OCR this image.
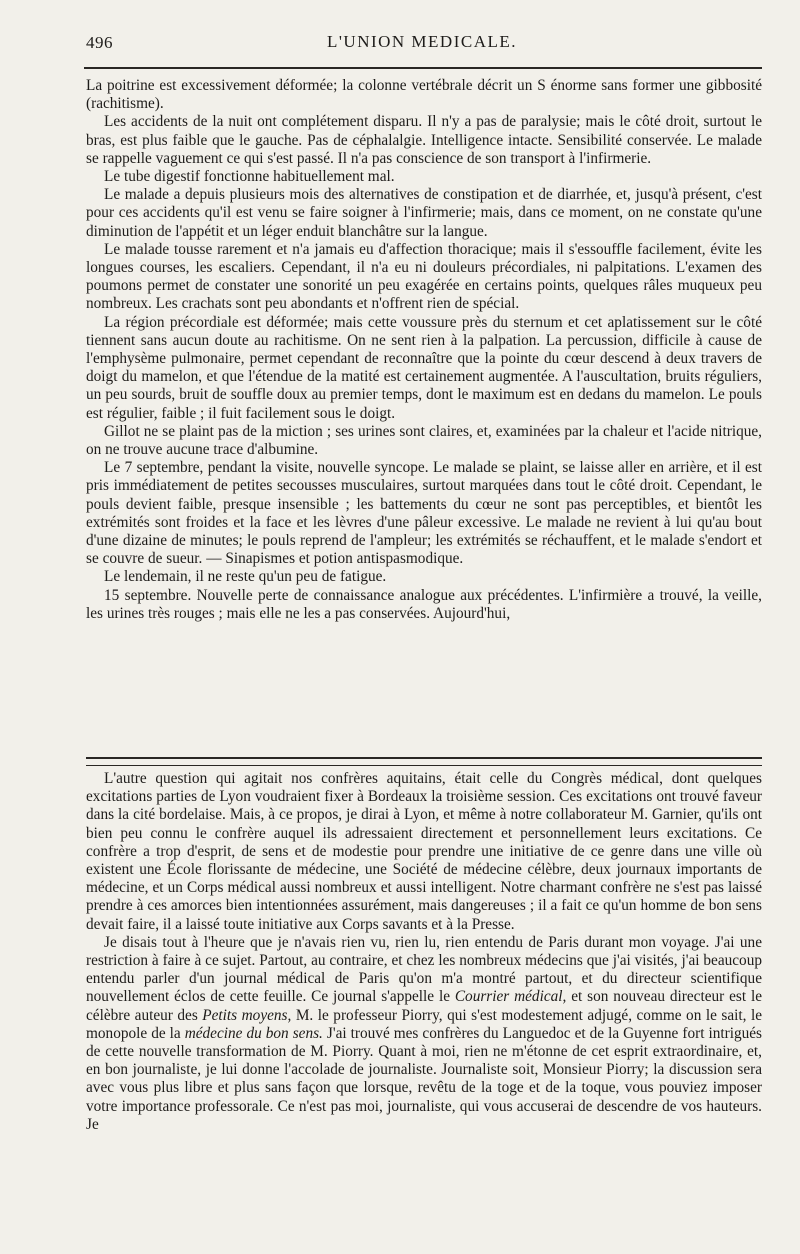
496	L'UNION MEDICALE.

La poitrine est excessivement déformée; la colonne vertébrale décrit un S énorme sans former une gibbosité (rachitisme).

Les accidents de la nuit ont complétement disparu. Il n'y a pas de paralysie; mais le côté droit, surtout le bras, est plus faible que le gauche. Pas de céphalalgie. Intelligence intacte. Sensibilité conservée. Le malade se rappelle vaguement ce qui s'est passé. Il n'a pas conscience de son transport à l'infirmerie.

Le tube digestif fonctionne habituellement mal.

Le malade a depuis plusieurs mois des alternatives de constipation et de diarrhée, et, jusqu'à présent, c'est pour ces accidents qu'il est venu se faire soigner à l'infirmerie; mais, dans ce moment, on ne constate qu'une diminution de l'appétit et un léger enduit blanchâtre sur la langue.

Le malade tousse rarement et n'a jamais eu d'affection thoracique; mais il s'essouffle facilement, évite les longues courses, les escaliers. Cependant, il n'a eu ni douleurs précordiales, ni palpitations. L'examen des poumons permet de constater une sonorité un peu exagérée en certains points, quelques râles muqueux peu nombreux. Les crachats sont peu abondants et n'offrent rien de spécial.

La région précordiale est déformée; mais cette voussure près du sternum et cet aplatissement sur le côté tiennent sans aucun doute au rachitisme. On ne sent rien à la palpation. La percussion, difficile à cause de l'emphysème pulmonaire, permet cependant de reconnaître que la pointe du cœur descend à deux travers de doigt du mamelon, et que l'étendue de la matité est certainement augmentée. A l'auscultation, bruits réguliers, un peu sourds, bruit de souffle doux au premier temps, dont le maximum est en dedans du mamelon. Le pouls est régulier, faible ; il fuit facilement sous le doigt.

Gillot ne se plaint pas de la miction ; ses urines sont claires, et, examinées par la chaleur et l'acide nitrique, on ne trouve aucune trace d'albumine.

Le 7 septembre, pendant la visite, nouvelle syncope. Le malade se plaint, se laisse aller en arrière, et il est pris immédiatement de petites secousses musculaires, surtout marquées dans tout le côté droit. Cependant, le pouls devient faible, presque insensible ; les battements du cœur ne sont pas perceptibles, et bientôt les extrémités sont froides et la face et les lèvres d'une pâleur excessive. Le malade ne revient à lui qu'au bout d'une dizaine de minutes; le pouls reprend de l'ampleur; les extrémités se réchauffent, et le malade s'endort et se couvre de sueur. — Sinapismes et potion antispasmodique.

Le lendemain, il ne reste qu'un peu de fatigue.

15 septembre. Nouvelle perte de connaissance analogue aux précédentes. L'infirmière a trouvé, la veille, les urines très rouges ; mais elle ne les a pas conservées. Aujourd'hui,

L'autre question qui agitait nos confrères aquitains, était celle du Congrès médical, dont quelques excitations parties de Lyon voudraient fixer à Bordeaux la troisième session. Ces excitations ont trouvé faveur dans la cité bordelaise. Mais, à ce propos, je dirai à Lyon, et même à notre collaborateur M. Garnier, qu'ils ont bien peu connu le confrère auquel ils adressaient directement et personnellement leurs excitations. Ce confrère a trop d'esprit, de sens et de modestie pour prendre une initiative de ce genre dans une ville où existent une École florissante de médecine, une Société de médecine célèbre, deux journaux importants de médecine, et un Corps médical aussi nombreux et aussi intelligent. Notre charmant confrère ne s'est pas laissé prendre à ces amorces bien intentionnées assurément, mais dangereuses ; il a fait ce qu'un homme de bon sens devait faire, il a laissé toute initiative aux Corps savants et à la Presse.

Je disais tout à l'heure que je n'avais rien vu, rien lu, rien entendu de Paris durant mon voyage. J'ai une restriction à faire à ce sujet. Partout, au contraire, et chez les nombreux médecins que j'ai visités, j'ai beaucoup entendu parler d'un journal médical de Paris qu'on m'a montré partout, et du directeur scientifique nouvellement éclos de cette feuille. Ce journal s'appelle le Courrier médical, et son nouveau directeur est le célèbre auteur des Petits moyens, M. le professeur Piorry, qui s'est modestement adjugé, comme on le sait, le monopole de la médecine du bon sens. J'ai trouvé mes confrères du Languedoc et de la Guyenne fort intrigués de cette nouvelle transformation de M. Piorry. Quant à moi, rien ne m'étonne de cet esprit extraordinaire, et, en bon journaliste, je lui donne l'accolade de journaliste. Journaliste soit, Monsieur Piorry; la discussion sera avec vous plus libre et plus sans façon que lorsque, revêtu de la toge et de la toque, vous pouviez imposer votre importance professorale. Ce n'est pas moi, journaliste, qui vous accuserai de descendre de vos hauteurs. Je
